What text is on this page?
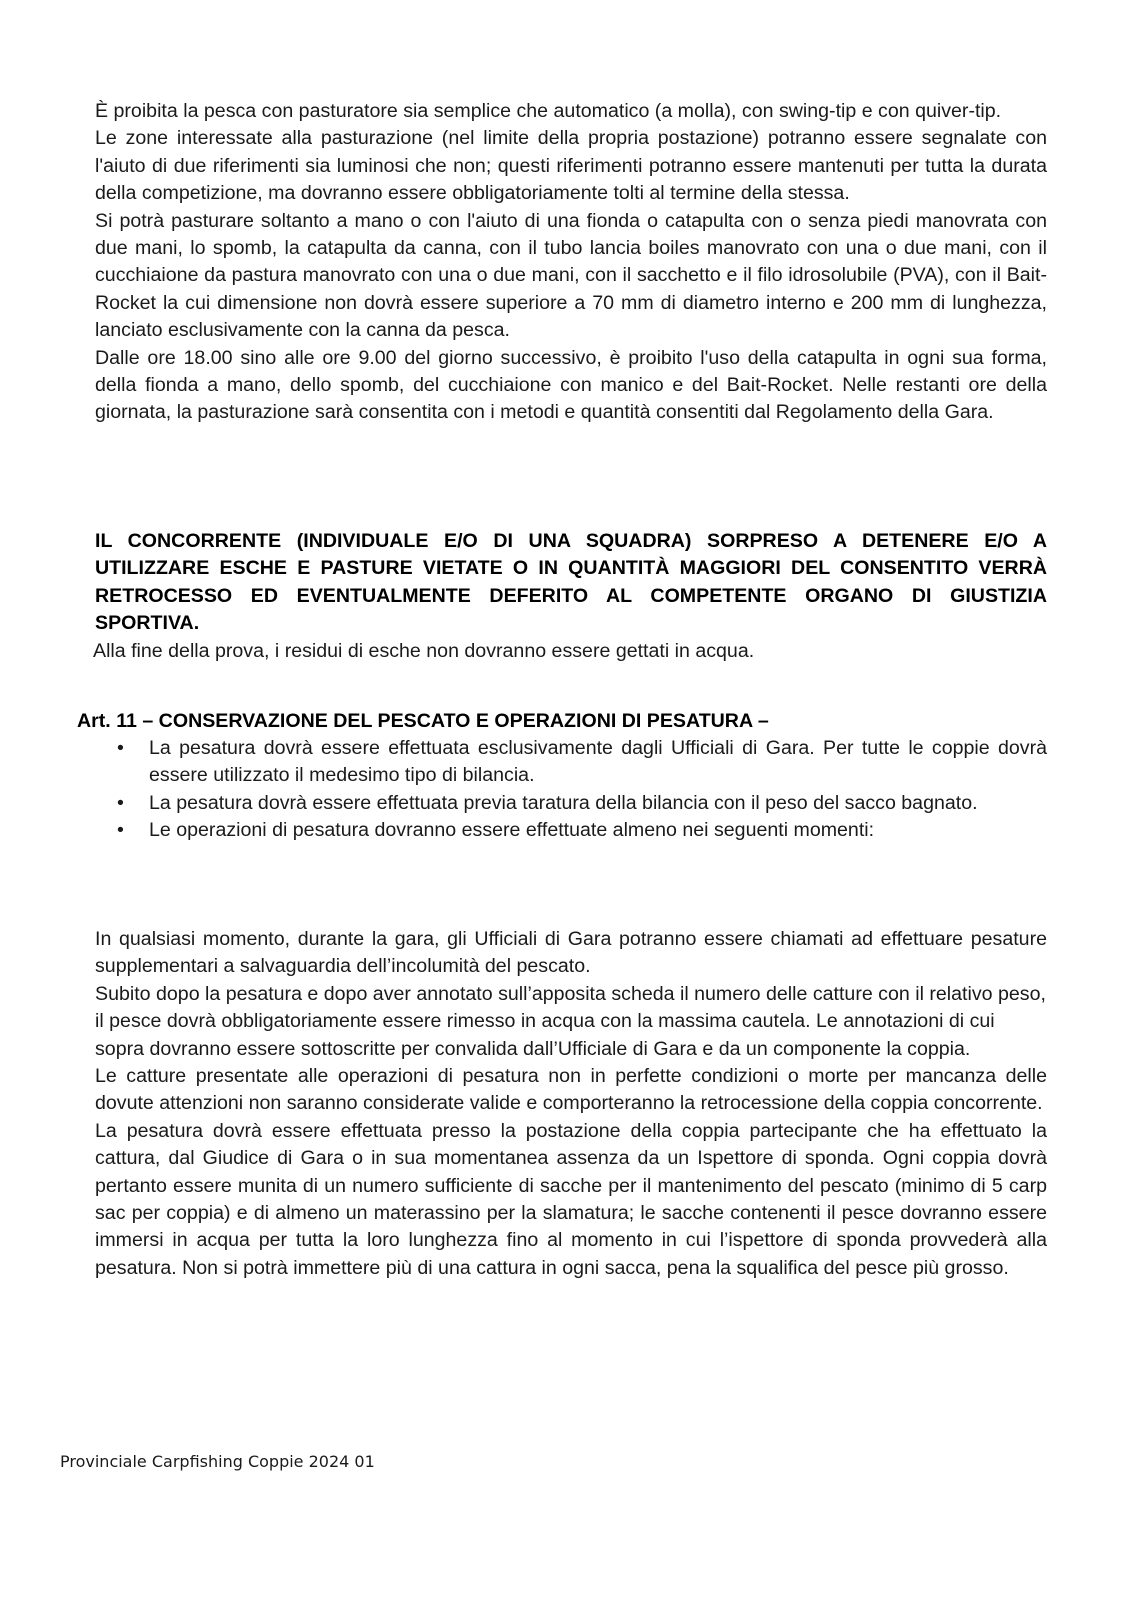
È proibita la pesca con pasturatore sia semplice che automatico (a molla), con swing-tip e con quiver-tip.

Le zone interessate alla pasturazione (nel limite della propria postazione) potranno essere segnalate con l'aiuto di due riferimenti sia luminosi che non; questi riferimenti potranno essere mantenuti per tutta la durata della competizione, ma dovranno essere obbligatoriamente tolti al termine della stessa.

Si potrà pasturare soltanto a mano o con l'aiuto di una fionda o catapulta con o senza piedi manovrata con due mani, lo spomb, la catapulta da canna, con il tubo lancia boiles manovrato con una o due mani, con il cucchiaione da pastura manovrato con una o due mani, con il sacchetto e il filo idrosolubile (PVA), con il Bait-Rocket la cui dimensione non dovrà essere superiore a 70 mm di diametro interno e 200 mm di lunghezza, lanciato esclusivamente con la canna da pesca.

Dalle ore 18.00 sino alle ore 9.00 del giorno successivo, è proibito l'uso della catapulta in ogni sua forma, della fionda a mano, dello spomb, del cucchiaione con manico e del Bait-Rocket. Nelle restanti ore della giornata, la pasturazione sarà consentita con i metodi e quantità consentiti dal Regolamento della Gara.

IL CONCORRENTE (INDIVIDUALE E/O DI UNA SQUADRA) SORPRESO A DETENERE E/O A UTILIZZARE ESCHE E PASTURE VIETATE O IN QUANTITÀ MAGGIORI DEL CONSENTITO VERRÀ RETROCESSO ED EVENTUALMENTE DEFERITO AL COMPETENTE ORGANO DI GIUSTIZIA SPORTIVA.

Alla fine della prova, i residui di esche non dovranno essere gettati in acqua.

Art. 11 – CONSERVAZIONE DEL PESCATO E OPERAZIONI DI PESATURA –
• La pesatura dovrà essere effettuata esclusivamente dagli Ufficiali di Gara. Per tutte le coppie dovrà essere utilizzato il medesimo tipo di bilancia.
• La pesatura dovrà essere effettuata previa taratura della bilancia con il peso del sacco bagnato.
• Le operazioni di pesatura dovranno essere effettuate almeno nei seguenti momenti:

In qualsiasi momento, durante la gara, gli Ufficiali di Gara potranno essere chiamati ad effettuare pesature supplementari a salvaguardia dell’incolumità del pescato.

Subito dopo la pesatura e dopo aver annotato sull’apposita scheda il numero delle catture con il relativo peso, il pesce dovrà obbligatoriamente essere rimesso in acqua con la massima cautela. Le annotazioni di cui sopra dovranno essere sottoscritte per convalida dall’Ufficiale di Gara e da un componente la coppia.

Le catture presentate alle operazioni di pesatura non in perfette condizioni o morte per mancanza delle dovute attenzioni non saranno considerate valide e comporteranno la retrocessione della coppia concorrente.

La pesatura dovrà essere effettuata presso la postazione della coppia partecipante che ha effettuato la cattura, dal Giudice di Gara o in sua momentanea assenza da un Ispettore di sponda. Ogni coppia dovrà pertanto essere munita di un numero sufficiente di sacche per il mantenimento del pescato (minimo di 5 carp sac per coppia) e di almeno un materassino per la slamatura; le sacche contenenti il pesce dovranno essere immersi in acqua per tutta la loro lunghezza fino al momento in cui l’ispettore di sponda provvederà alla pesatura. Non si potrà immettere più di una cattura in ogni sacca, pena la squalifica del pesce più grosso.

Provinciale Carpfishing Coppie 2024 01
